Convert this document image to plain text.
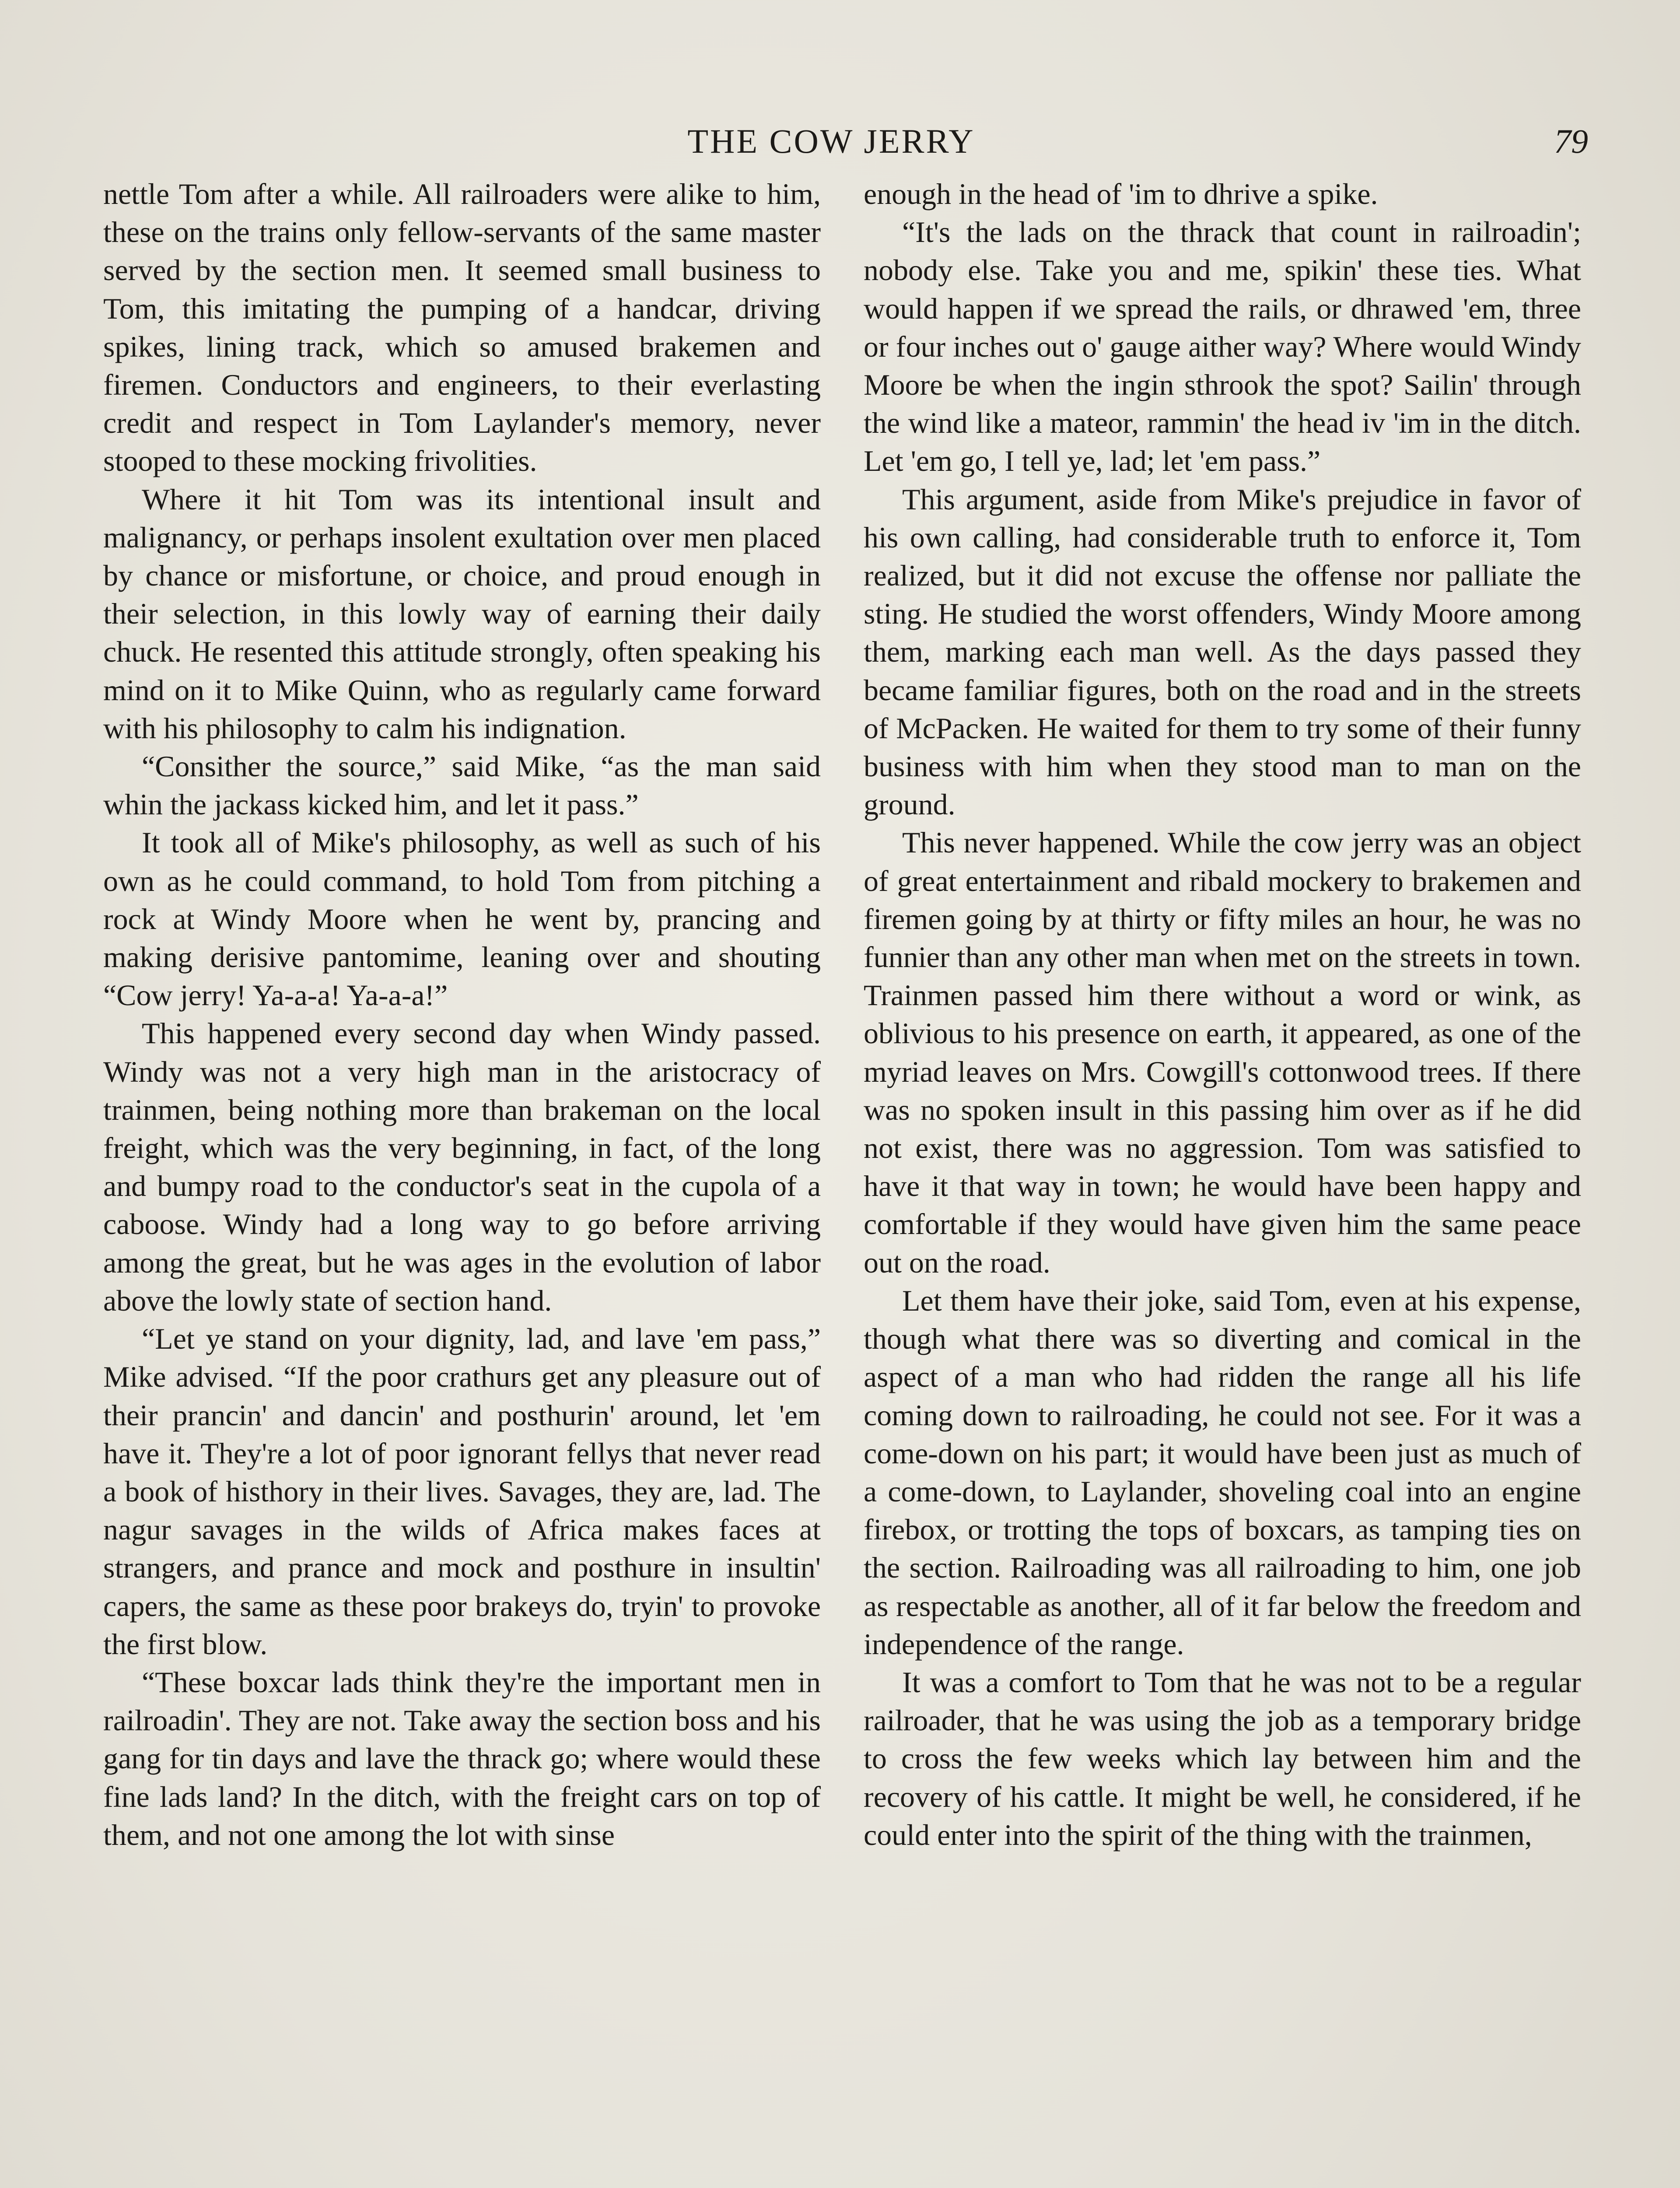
THE COW JERRY	79

nettle Tom after a while. All railroaders were alike to him, these on the trains only fellow-servants of the same master served by the section men. It seemed small business to Tom, this imitating the pumping of a handcar, driving spikes, lining track, which so amused brakemen and firemen. Conductors and engineers, to their everlasting credit and respect in Tom Laylander's memory, never stooped to these mocking frivolities.

Where it hit Tom was its intentional insult and malignancy, or perhaps insolent exultation over men placed by chance or misfortune, or choice, and proud enough in their selection, in this lowly way of earning their daily chuck. He resented this attitude strongly, often speaking his mind on it to Mike Quinn, who as regularly came forward with his philosophy to calm his indignation.

“Consither the source,” said Mike, “as the man said whin the jackass kicked him, and let it pass.”

It took all of Mike's philosophy, as well as such of his own as he could command, to hold Tom from pitching a rock at Windy Moore when he went by, prancing and making derisive pantomime, leaning over and shouting “Cow jerry! Ya-a-a! Ya-a-a!”

This happened every second day when Windy passed. Windy was not a very high man in the aristocracy of trainmen, being nothing more than brakeman on the local freight, which was the very beginning, in fact, of the long and bumpy road to the conductor's seat in the cupola of a caboose. Windy had a long way to go before arriving among the great, but he was ages in the evolution of labor above the lowly state of section hand.

“Let ye stand on your dignity, lad, and lave 'em pass,” Mike advised. “If the poor crathurs get any pleasure out of their prancin' and dancin' and posthurin' around, let 'em have it. They're a lot of poor ignorant fellys that never read a book of histhory in their lives. Savages, they are, lad. The nagur savages in the wilds of Africa makes faces at strangers, and prance and mock and posthure in insultin' capers, the same as these poor brakeys do, tryin' to provoke the first blow.

“These boxcar lads think they're the important men in railroadin'. They are not. Take away the section boss and his gang for tin days and lave the thrack go; where would these fine lads land? In the ditch, with the freight cars on top of them, and not one among the lot with sinse

enough in the head of 'im to dhrive a spike.

“It's the lads on the thrack that count in railroadin'; nobody else. Take you and me, spikin' these ties. What would happen if we spread the rails, or dhrawed 'em, three or four inches out o' gauge aither way? Where would Windy Moore be when the ingin sthrook the spot? Sailin' through the wind like a mateor, rammin' the head iv 'im in the ditch. Let 'em go, I tell ye, lad; let 'em pass.”

This argument, aside from Mike's prejudice in favor of his own calling, had considerable truth to enforce it, Tom realized, but it did not excuse the offense nor palliate the sting. He studied the worst offenders, Windy Moore among them, marking each man well. As the days passed they became familiar figures, both on the road and in the streets of McPacken. He waited for them to try some of their funny business with him when they stood man to man on the ground.

This never happened. While the cow jerry was an object of great entertainment and ribald mockery to brakemen and firemen going by at thirty or fifty miles an hour, he was no funnier than any other man when met on the streets in town. Trainmen passed him there without a word or wink, as oblivious to his presence on earth, it appeared, as one of the myriad leaves on Mrs. Cowgill's cottonwood trees. If there was no spoken insult in this passing him over as if he did not exist, there was no aggression. Tom was satisfied to have it that way in town; he would have been happy and comfortable if they would have given him the same peace out on the road.

Let them have their joke, said Tom, even at his expense, though what there was so diverting and comical in the aspect of a man who had ridden the range all his life coming down to railroading, he could not see. For it was a come-down on his part; it would have been just as much of a come-down, to Laylander, shoveling coal into an engine firebox, or trotting the tops of boxcars, as tamping ties on the section. Railroading was all railroading to him, one job as respectable as another, all of it far below the freedom and independence of the range.

It was a comfort to Tom that he was not to be a regular railroader, that he was using the job as a temporary bridge to cross the few weeks which lay between him and the recovery of his cattle. It might be well, he considered, if he could enter into the spirit of the thing with the trainmen,
